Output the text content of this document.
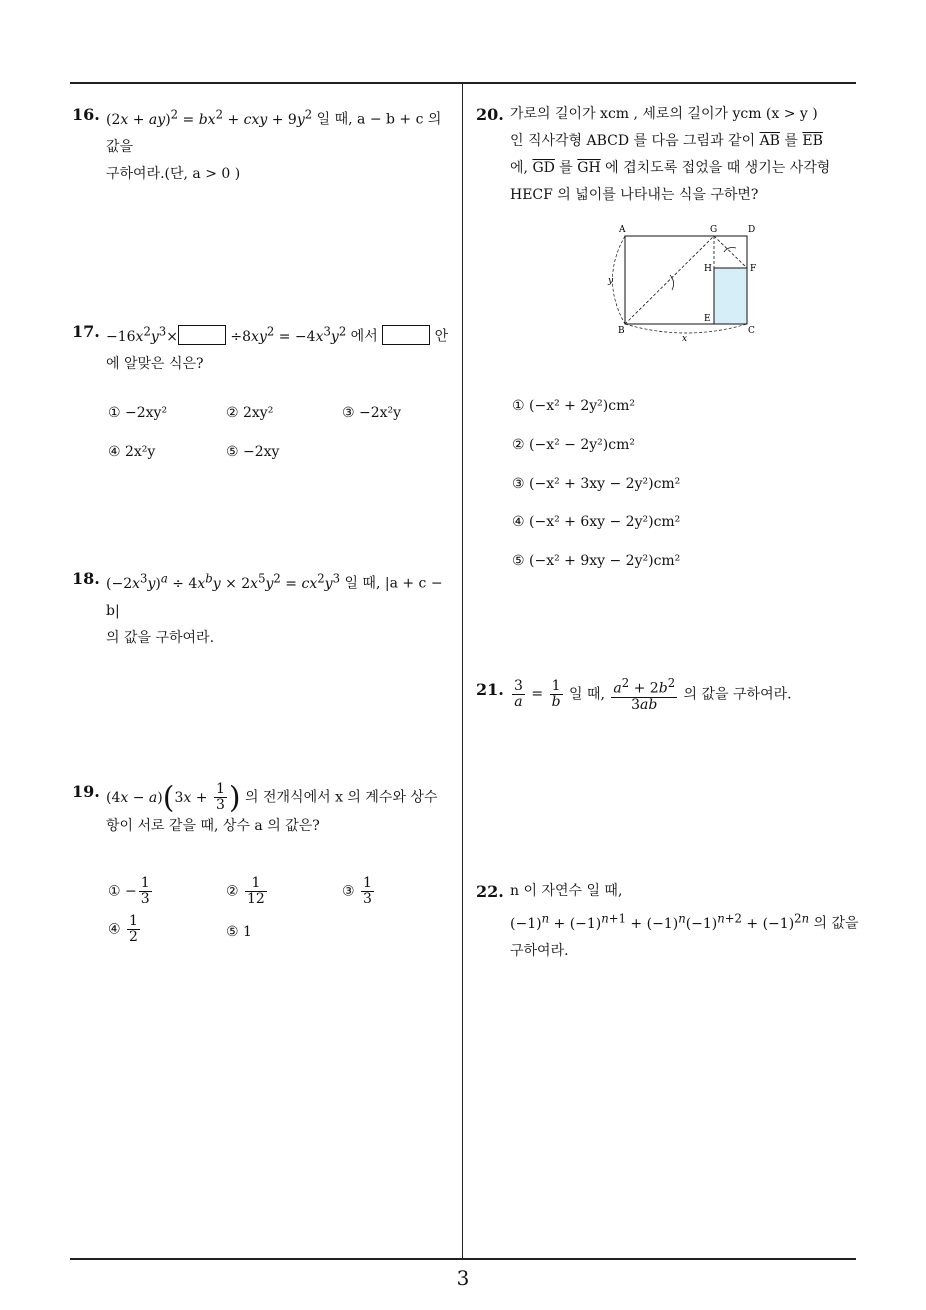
16. $(2x + ay)^2 = bx^2$ + cxy + $9y^2$ 일 때, a − b + c 의 값을
구하여라.(단, a > 0 )
17. $-16x^2y^3\times$	$\div 8xy^2 = -4x^3y^2$ 에서	안
에 알맞은 식은?
① −2xy²	② 2xy²	③ −2x²y
④ 2x²y	⑤ −2xy
18. $(-2x^3y)^a \div 4x^by \times 2x^5y^2 = cx^2y^3$ 일 때, |a + c − b|
의 값을 구하여라.
19. $(4x - a)(3x + \frac{1}{3}$ ) 의 전개식에서 x 의 계수와 상수
항이 서로 같을 때, 상수 a 의 값은?
① − $\frac{1}{3}$	② $\frac{1}{12}$	③ $\frac{1}{3}$
④ $\frac{1}{2}$	⑤ 1
20. 가로의 길이가 xcm , 세로의 길이가 ycm (x > y )
인 직사각형 ABCD 를 다음 그림과 같이 $\overline{AB}$ 를 $\overline{EB}$
에, $\overline{GD}$ 를 $\overline{GH}$ 에 겹치도록 접었을 때 생기는 사각형
HECF 의 넓이를 나타내는 식을 구하면?
A	G	D
H	F
y
E
B	C
x
① (−x² + 2y²)cm²
② (−x² − 2y²)cm²
③ (−x² + 3xy − 2y²)cm²
④ (−x² + 6xy − 2y²)cm²
⑤ (−x² + 9xy − 2y²)cm²
21. $\frac{3}{a} = \frac{1}{b}$ 일 때, $\frac{a^2 + 2b^2}{3ab}$ 의 값을 구하여라.
22. n 이 자연수 일 때,
$(-1)^n + (-1)^{n+1} + (-1)^n(-1)^{n+2} + (-1)^{2n}$ 의 값을
구하여라.
3
